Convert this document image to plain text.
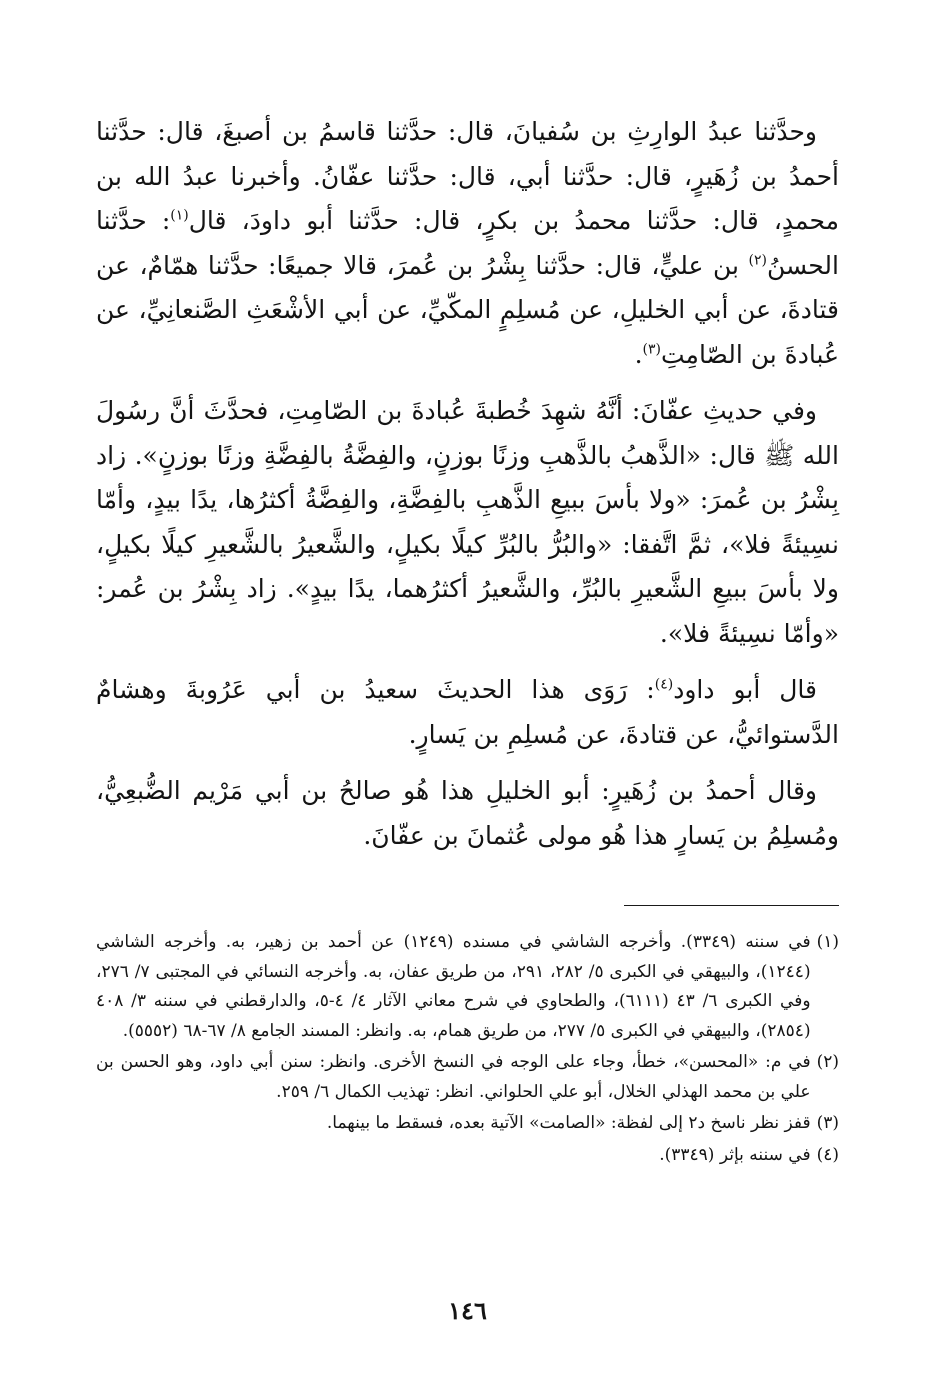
وحدَّثنا عبدُ الوارِثِ بن سُفيانَ، قال: حدَّثنا قاسمُ بن أصبغَ، قال: حدَّثنا أحمدُ بن زُهَيرٍ، قال: حدَّثنا أبي، قال: حدَّثنا عفّانُ. وأخبرنا عبدُ الله بن محمدٍ، قال: حدَّثنا محمدُ بن بكرٍ، قال: حدَّثنا أبو داودَ، قال$^{(١)}$: حدَّثنا الحسنُ$^{(٢)}$ بن عليٍّ، قال: حدَّثنا بِشْرُ بن عُمرَ، قالا جميعًا: حدَّثنا همّامٌ، عن قتادةَ، عن أبي الخليلِ، عن مُسلِمٍ المكّيِّ، عن أبي الأشْعَثِ الصَّنعانِيِّ، عن عُبادةَ بن الصّامِتِ$^{(٣)}$.

وفي حديثِ عفّانَ: أنَّهُ شهِدَ خُطبةَ عُبادةَ بن الصّامِتِ، فحدَّثَ أنَّ رسُولَ الله ﷺ قال: «الذَّهبُ بالذَّهبِ وزنًا بوزنٍ، والفِضَّةُ بالفِضَّةِ وزنًا بوزنٍ». زاد بِشْرُ بن عُمرَ: «ولا بأسَ ببيعِ الذَّهبِ بالفِضَّةِ، والفِضَّةُ أكثرُها، يدًا بيدٍ، وأمّا نسِيئةً فلا»، ثمَّ اتَّفقا: «والبُرُّ بالبُرِّ كيلًا بكيلٍ، والشَّعيرُ بالشَّعيرِ كيلًا بكيلٍ، ولا بأسَ ببيعِ الشَّعيرِ بالبُرِّ، والشَّعيرُ أكثرُهما، يدًا بيدٍ». زاد بِشْرُ بن عُمر: «وأمّا نسِيئةً فلا».

قال أبو داود$^{(٤)}$: رَوَى هذا الحديثَ سعيدُ بن أبي عَرُوبةَ وهشامٌ الدَّستوائيُّ، عن قتادةَ، عن مُسلِمِ بن يَسارٍ.

وقال أحمدُ بن زُهَيرٍ: أبو الخليلِ هذا هُو صالحُ بن أبي مَرْيم الضُّبعِيُّ، ومُسلِمُ بن يَسارٍ هذا هُو مولى عُثمانَ بن عفّانَ.

(١)
في سننه (٣٣٤٩). وأخرجه الشاشي في مسنده (١٢٤٩) عن أحمد بن زهير، به. وأخرجه الشاشي (١٢٤٤)، والبيهقي في الكبرى ٥/ ٢٨٢، ٢٩١، من طريق عفان، به. وأخرجه النسائي في المجتبى ٧/ ٢٧٦، وفي الكبرى ٦/ ٤٣ (٦١١١)، والطحاوي في شرح معاني الآثار ٤/ ٤-٥، والدارقطني في سننه ٣/ ٤٠٨ (٢٨٥٤)، والبيهقي في الكبرى ٥/ ٢٧٧، من طريق همام، به. وانظر: المسند الجامع ٨/ ٦٧-٦٨ (٥٥٥٢).
(٢)
في م: «المحسن»، خطأ، وجاء على الوجه في النسخ الأخرى. وانظر: سنن أبي داود، وهو الحسن بن علي بن محمد الهذلي الخلال، أبو علي الحلواني. انظر: تهذيب الكمال ٦/ ٢٥٩.
(٣)
قفز نظر ناسخ د٢ إلى لفظة: «الصامت» الآتية بعده، فسقط ما بينهما.
(٤)
في سننه بإثر (٣٣٤٩).
١٤٦
